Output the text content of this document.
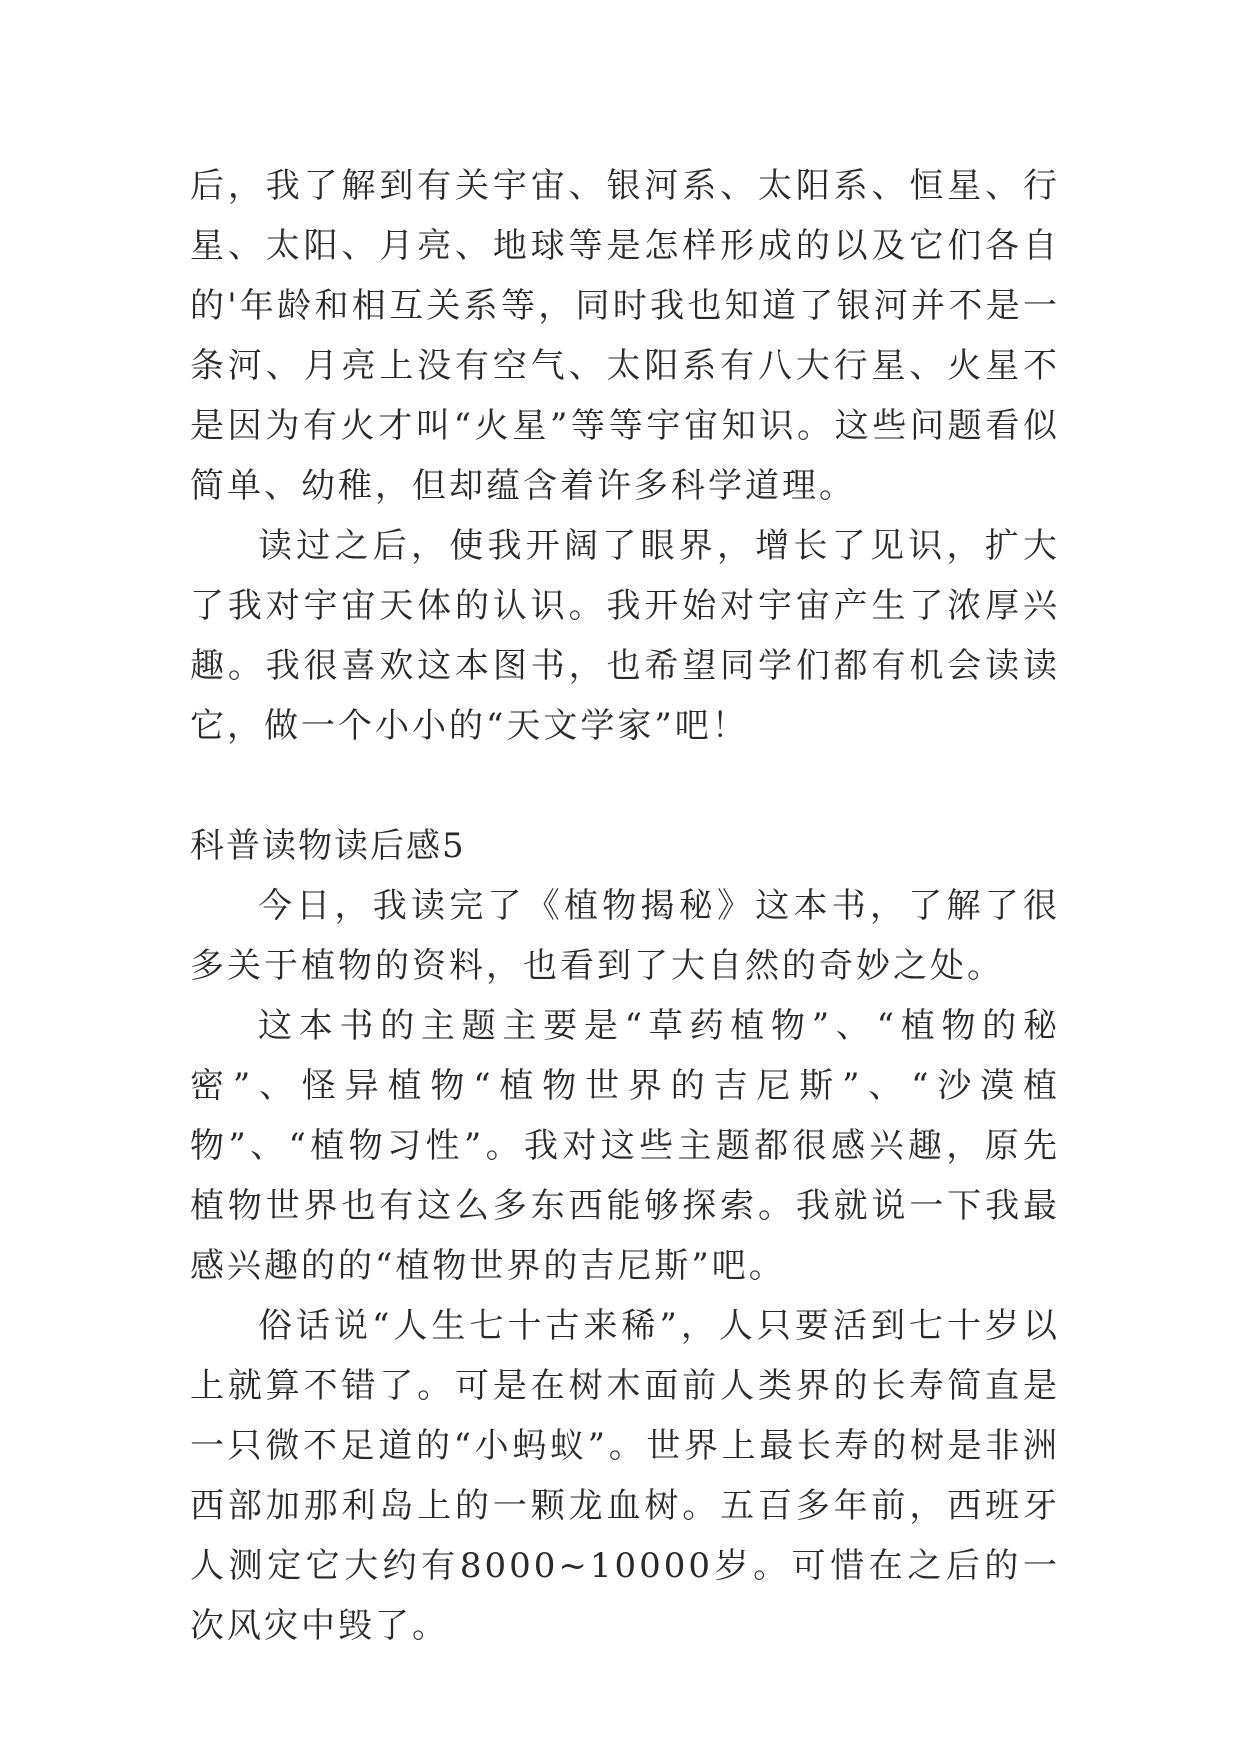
后，我了解到有关宇宙、银河系、太阳系、恒星、行星、太阳、月亮、地球等是怎样形成的以及它们各自的'年龄和相互关系等，同时我也知道了银河并不是一条河、月亮上没有空气、太阳系有八大行星、火星不是因为有火才叫“火星”等等宇宙知识。这些问题看似简单、幼稚，但却蕴含着许多科学道理。

读过之后，使我开阔了眼界，增长了见识，扩大了我对宇宙天体的认识。我开始对宇宙产生了浓厚兴趣。我很喜欢这本图书，也希望同学们都有机会读读它，做一个小小的“天文学家”吧！

科普读物读后感5

今日，我读完了《植物揭秘》这本书，了解了很多关于植物的资料，也看到了大自然的奇妙之处。

这本书的主题主要是“草药植物”、“植物的秘密”、怪异植物“植物世界的吉尼斯”、“沙漠植物”、“植物习性”。我对这些主题都很感兴趣，原先植物世界也有这么多东西能够探索。我就说一下我最感兴趣的的“植物世界的吉尼斯”吧。

俗话说“人生七十古来稀”，人只要活到七十岁以上就算不错了。可是在树木面前人类界的长寿简直是一只微不足道的“小蚂蚁”。世界上最长寿的树是非洲西部加那利岛上的一颗龙血树。五百多年前，西班牙人测定它大约有8000~10000岁。可惜在之后的一次风灾中毁了。
